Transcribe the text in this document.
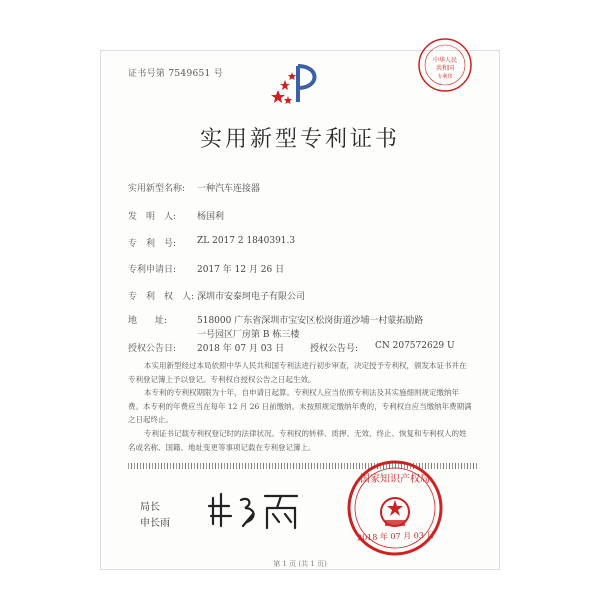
证书号第 7549651 号
中华人民
共和国
专利印
实用新型专利证书
实用新型名称: 一种汽车连接器
发　明　人: 杨国利
专　利　号: ZL 2017 2 1840391.3
专利申请日: 2017 年 12 月 26 日
专　利　权　人: 深圳市安泰珂电子有限公司
地　　址:	518000 广东省深圳市宝安区松岗街道沙埔一村蒙拓励路
一号园区厂房第 B 栋三楼
授权公告日: 2018 年 07 月 03 日	授权公告号: CN 207572629 U
本实用新型经过本局依照中华人民共和国专利法进行初步审查，决定授予专利权，颁发本证书并在专利登记簿上予以登记。专利权自授权公告之日起生效。
本专利的专利权期限为十年，自申请日起算。专利权人应当依照专利法及其实施细则规定缴纳年费。本专利的年费应当在每年 12 月 26 日前缴纳。未按照规定缴纳年费的，专利权自应当缴纳年费期满之日起终止。
专利证书记载专利权登记时的法律状况。专利权的转移、质押、无效、终止、恢复和专利权人的姓名或名称、国籍、地址变更等事项记载在专利登记簿上。
局长
申长雨
国家知识产权局
2018 年 07 月 03 日
第 1 页 (共 1 页)
